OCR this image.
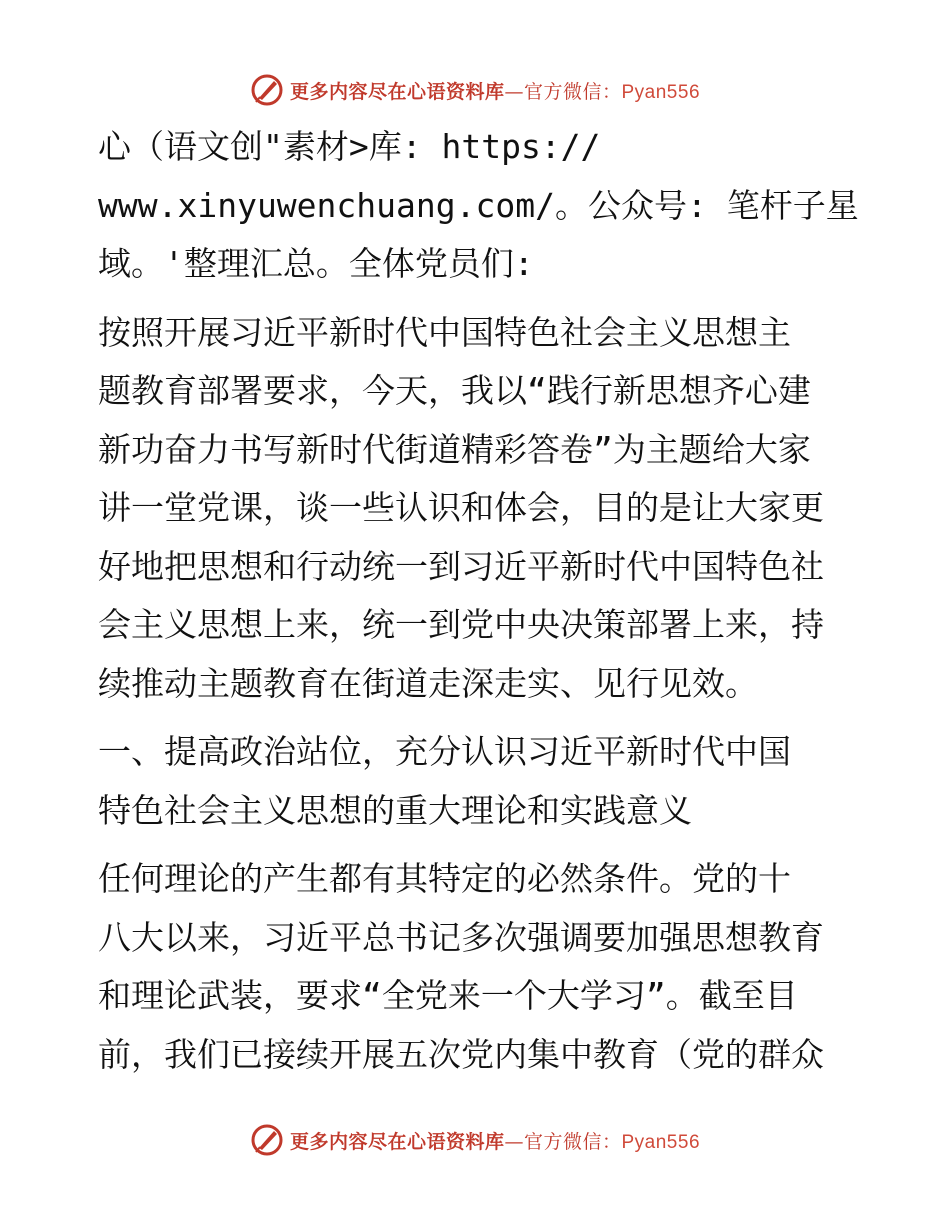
更多内容尽在心语资料库—官方微信：Pyan556

心（语文创"素材>库: https://

www.xinyuwenchuang.com/。公众号: 笔杆子星

域。'整理汇总。全体党员们:

按照开展习近平新时代中国特色社会主义思想主

题教育部署要求，今天，我以“践行新思想齐心建

新功奋力书写新时代街道精彩答卷”为主题给大家

讲一堂党课，谈一些认识和体会，目的是让大家更

好地把思想和行动统一到习近平新时代中国特色社

会主义思想上来，统一到党中央决策部署上来，持

续推动主题教育在街道走深走实、见行见效。

一、提高政治站位，充分认识习近平新时代中国

特色社会主义思想的重大理论和实践意义

任何理论的产生都有其特定的必然条件。党的十

八大以来，习近平总书记多次强调要加强思想教育

和理论武装，要求“全党来一个大学习”。截至目

前，我们已接续开展五次党内集中教育（党的群众

更多内容尽在心语资料库—官方微信：Pyan556
